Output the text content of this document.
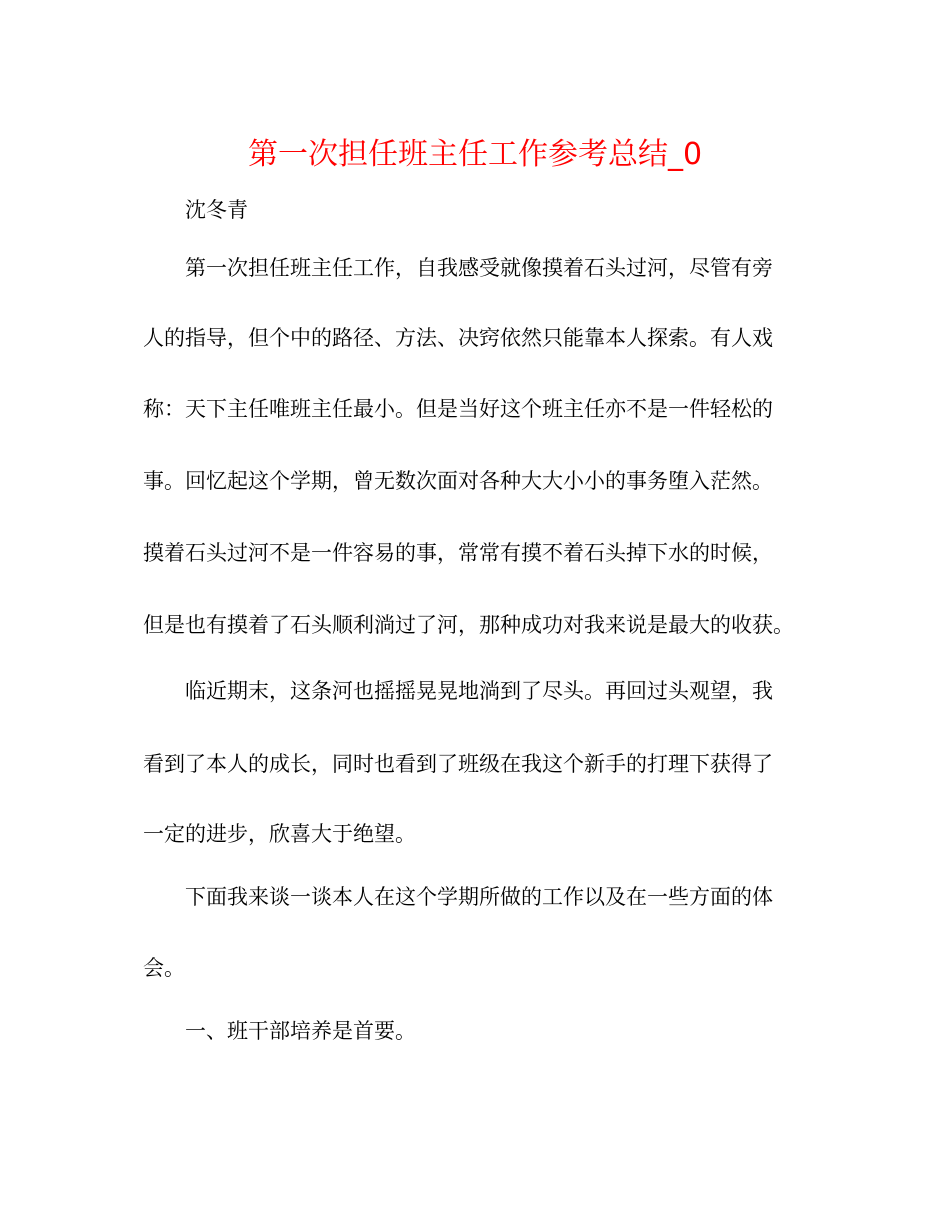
第一次担任班主任工作参考总结_0

沈冬青

第一次担任班主任工作，自我感受就像摸着石头过河，尽管有旁

人的指导，但个中的路径、方法、决窍依然只能靠本人探索。有人戏

称：天下主任唯班主任最小。但是当好这个班主任亦不是一件轻松的

事。回忆起这个学期，曾无数次面对各种大大小小的事务堕入茫然。

摸着石头过河不是一件容易的事，常常有摸不着石头掉下水的时候，

但是也有摸着了石头顺利淌过了河，那种成功对我来说是最大的收获。

临近期末，这条河也摇摇晃晃地淌到了尽头。再回过头观望，我

看到了本人的成长，同时也看到了班级在我这个新手的打理下获得了

一定的进步，欣喜大于绝望。

下面我来谈一谈本人在这个学期所做的工作以及在一些方面的体

会。

一、班干部培养是首要。
